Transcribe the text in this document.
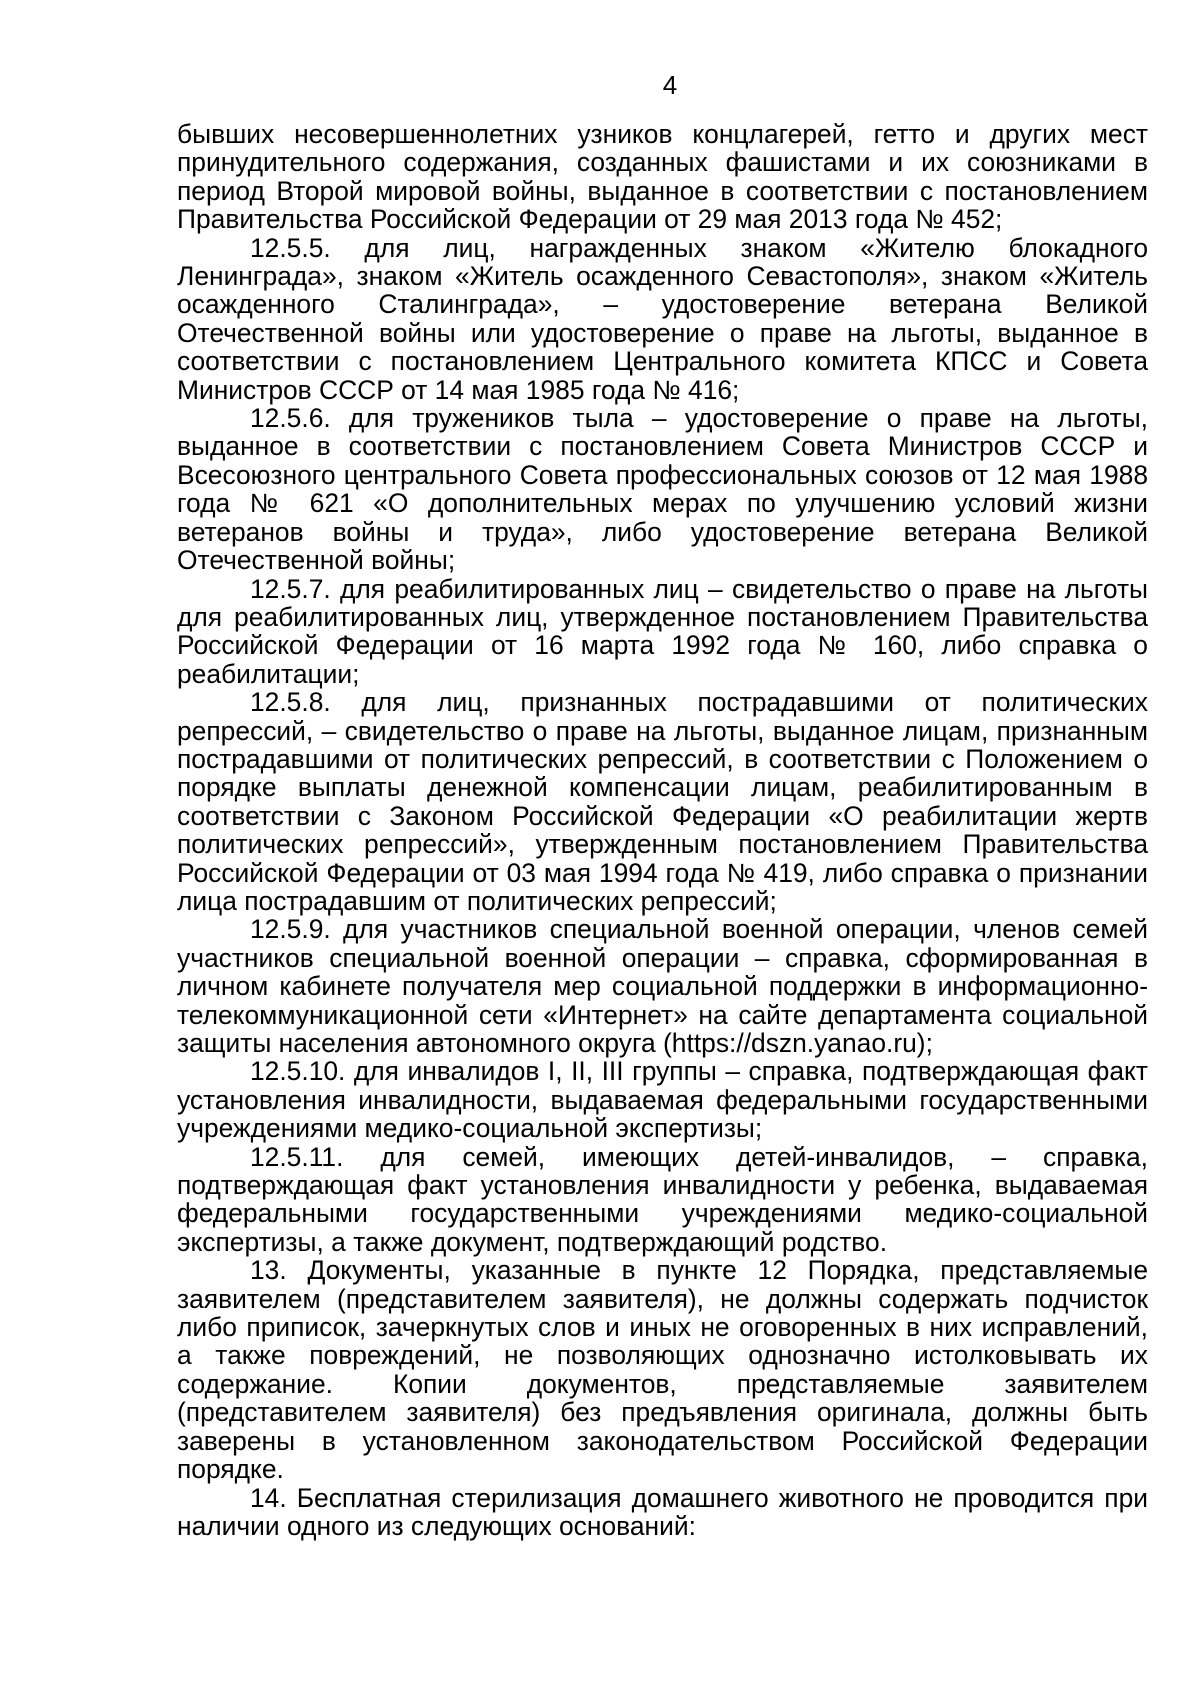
4

бывших несовершеннолетних узников концлагерей, гетто и других мест принудительного содержания, созданных фашистами и их союзниками в период Второй мировой войны, выданное в соответствии с постановлением Правительства Российской Федерации от 29 мая 2013 года № 452;

12.5.5. для лиц, награжденных знаком «Жителю блокадного Ленинграда», знаком «Житель осажденного Севастополя», знаком «Житель осажденного Сталинграда», – удостоверение ветерана Великой Отечественной войны или удостоверение о праве на льготы, выданное в соответствии с постановлением Центрального комитета КПСС и Совета Министров СССР от 14 мая 1985 года № 416;

12.5.6. для тружеников тыла – удостоверение о праве на льготы, выданное в соответствии с постановлением Совета Министров СССР и Всесоюзного центрального Совета профессиональных союзов от 12 мая 1988 года № 621 «О дополнительных мерах по улучшению условий жизни ветеранов войны и труда», либо удостоверение ветерана Великой Отечественной войны;

12.5.7. для реабилитированных лиц – свидетельство о праве на льготы для реабилитированных лиц, утвержденное постановлением Правительства Российской Федерации от 16 марта 1992 года № 160, либо справка о реабилитации;

12.5.8. для лиц, признанных пострадавшими от политических репрессий, – свидетельство о праве на льготы, выданное лицам, признанным пострадавшими от политических репрессий, в соответствии с Положением о порядке выплаты денежной компенсации лицам, реабилитированным в соответствии с Законом Российской Федерации «О реабилитации жертв политических репрессий», утвержденным постановлением Правительства Российской Федерации от 03 мая 1994 года № 419, либо справка о признании лица пострадавшим от политических репрессий;

12.5.9. для участников специальной военной операции, членов семей участников специальной военной операции – справка, сформированная в личном кабинете получателя мер социальной поддержки в информационно-телекоммуникационной сети «Интернет» на сайте департамента социальной защиты населения автономного округа (https://dszn.yanao.ru);

12.5.10. для инвалидов I, II, III группы – справка, подтверждающая факт установления инвалидности, выдаваемая федеральными государственными учреждениями медико-социальной экспертизы;

12.5.11. для семей, имеющих детей-инвалидов, – справка, подтверждающая факт установления инвалидности у ребенка, выдаваемая федеральными государственными учреждениями медико-социальной экспертизы, а также документ, подтверждающий родство.

13. Документы, указанные в пункте 12 Порядка, представляемые заявителем (представителем заявителя), не должны содержать подчисток либо приписок, зачеркнутых слов и иных не оговоренных в них исправлений, а также повреждений, не позволяющих однозначно истолковывать их содержание. Копии документов, представляемые заявителем (представителем заявителя) без предъявления оригинала, должны быть заверены в установленном законодательством Российской Федерации порядке.

14. Бесплатная стерилизация домашнего животного не проводится при наличии одного из следующих оснований:
